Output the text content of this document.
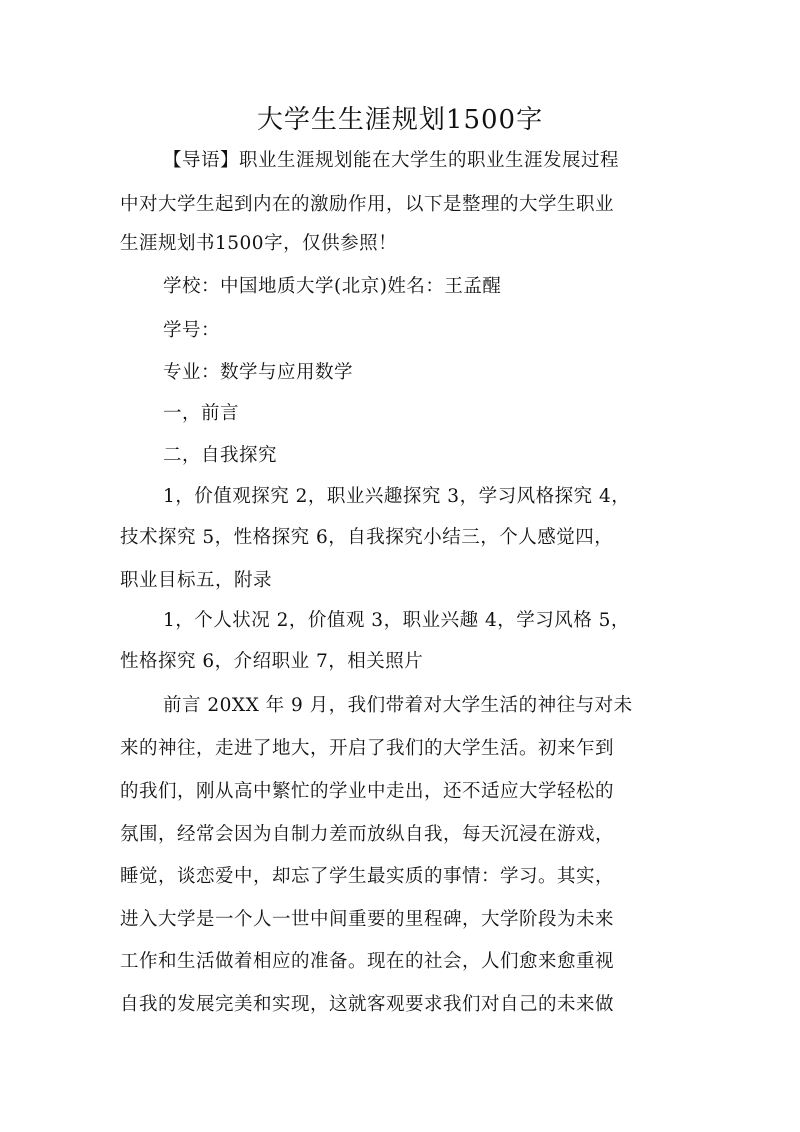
大学生生涯规划1500字
【导语】职业生涯规划能在大学生的职业生涯发展过程
中对大学生起到内在的激励作用，以下是整理的大学生职业
生涯规划书1500字，仅供参照！
学校：中国地质大学(北京)姓名：王孟醒
学号：
专业：数学与应用数学
一，前言
二，自我探究
1，价值观探究 2，职业兴趣探究 3，学习风格探究 4，
技术探究 5，性格探究 6，自我探究小结三，个人感觉四，
职业目标五，附录
1，个人状况 2，价值观 3，职业兴趣 4，学习风格 5，
性格探究 6，介绍职业 7，相关照片
前言 20XX 年 9 月，我们带着对大学生活的神往与对未
来的神往，走进了地大，开启了我们的大学生活。初来乍到
的我们，刚从高中繁忙的学业中走出，还不适应大学轻松的
氛围，经常会因为自制力差而放纵自我，每天沉浸在游戏，
睡觉，谈恋爱中，却忘了学生最实质的事情：学习。其实，
进入大学是一个人一世中间重要的里程碑，大学阶段为未来
工作和生活做着相应的准备。现在的社会，人们愈来愈重视
自我的发展完美和实现，这就客观要求我们对自己的未来做
